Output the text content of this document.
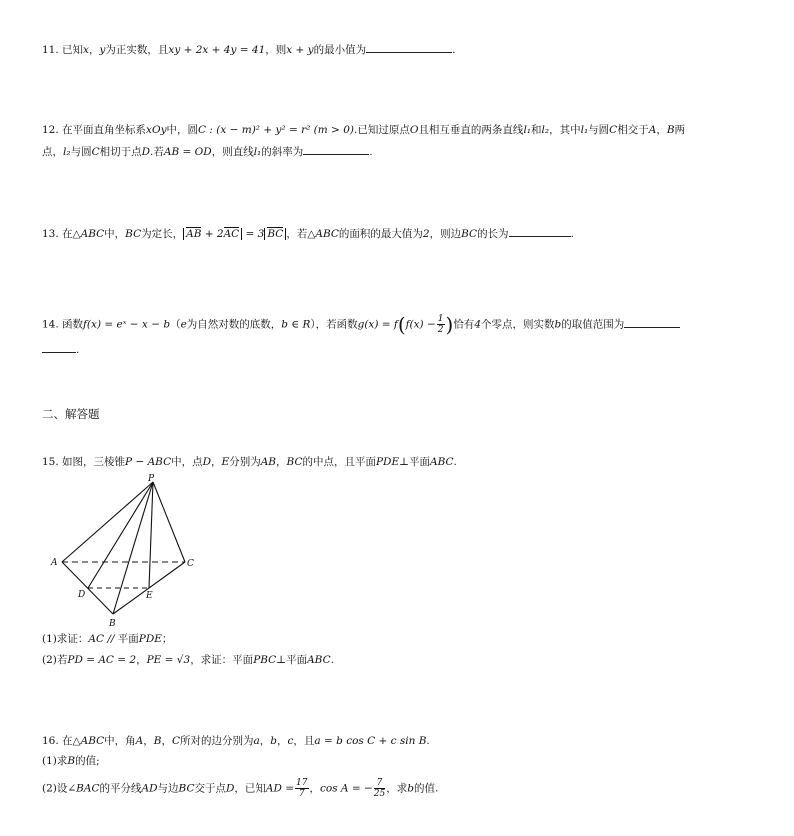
11. 已知x，y为正实数，且xy + 2x + 4y = 41，则x + y的最小值为	.
12. 在平面直角坐标系xOy中，圆C : (x − m)² + y² = r² (m > 0).已知过原点O且相互垂直的两条直线l₁和l₂，其中l₁与圆C相交于A，B两
点，l₂与圆C相切于点D.若AB = OD，则直线l₁的斜率为	.
13. 在△ABC中，BC为定长， AB + 2AC = 3 BC ，若△ABC的面积的最大值为2，则边BC的长为	.
14. 函数f(x) = eˣ − x − b（e为自然对数的底数，b ∈ R），若函数$g(x) = f(f(x) - \frac{1}{2}$ )恰有4个零点，则实数b的取值范围为
.
二、解答题
15. 如图，三棱锥P − ABC中，点D，E分别为AB，BC的中点，且平面PDE⊥平面ABC.
P
A	C
D	E
B
(1)求证：AC // 平面PDE；
(2)若PD = AC = 2，PE = √3，求证：平面PBC⊥平面ABC.
16. 在△ABC中，角A，B，C所对的边分别为a，b，c，且a = b cos C + c sin B.
(1)求B的值;
(2)设∠BAC的平分线AD与边BC交于点D，已知AD = $\frac{17}{7}$ ，cos A = − $\frac{7}{25}$ ，求b的值.
